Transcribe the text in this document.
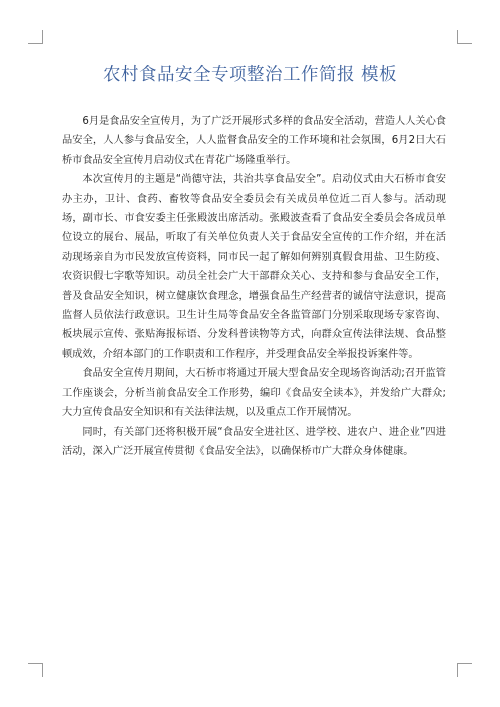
农村食品安全专项整治工作简报 模板

6月是食品安全宣传月，为了广泛开展形式多样的食品安全活动，营造人人关心食品安全，人人参与食品安全，人人监督食品安全的工作环境和社会氛围，6月2日大石桥市食品安全宣传月启动仪式在青花广场隆重举行。

本次宣传月的主题是“尚德守法，共治共享食品安全”。启动仪式由大石桥市食安办主办，卫计、食药、畜牧等食品安全委员会有关成员单位近二百人参与。活动现场，副市长、市食安委主任张殿波出席活动。张殿波查看了食品安全委员会各成员单位设立的展台、展品，听取了有关单位负责人关于食品安全宣传的工作介绍，并在活动现场亲自为市民发放宣传资料，同市民一起了解如何辨别真假食用盐、卫生防疫、农资识假七字歌等知识。动员全社会广大干部群众关心、支持和参与食品安全工作，普及食品安全知识，树立健康饮食理念，增强食品生产经营者的诚信守法意识，提高监督人员依法行政意识。卫生计生局等食品安全各监管部门分别采取现场专家咨询、板块展示宣传、张贴海报标语、分发科普读物等方式，向群众宣传法律法规、食品整顿成效，介绍本部门的工作职责和工作程序，并受理食品安全举报投诉案件等。

食品安全宣传月期间，大石桥市将通过开展大型食品安全现场咨询活动;召开监管工作座谈会，分析当前食品安全工作形势，编印《食品安全读本》，并发给广大群众;大力宣传食品安全知识和有关法律法规，以及重点工作开展情况。

同时，有关部门还将积极开展“食品安全进社区、进学校、进农户、进企业”四进活动，深入广泛开展宣传贯彻《食品安全法》，以确保桥市广大群众身体健康。
